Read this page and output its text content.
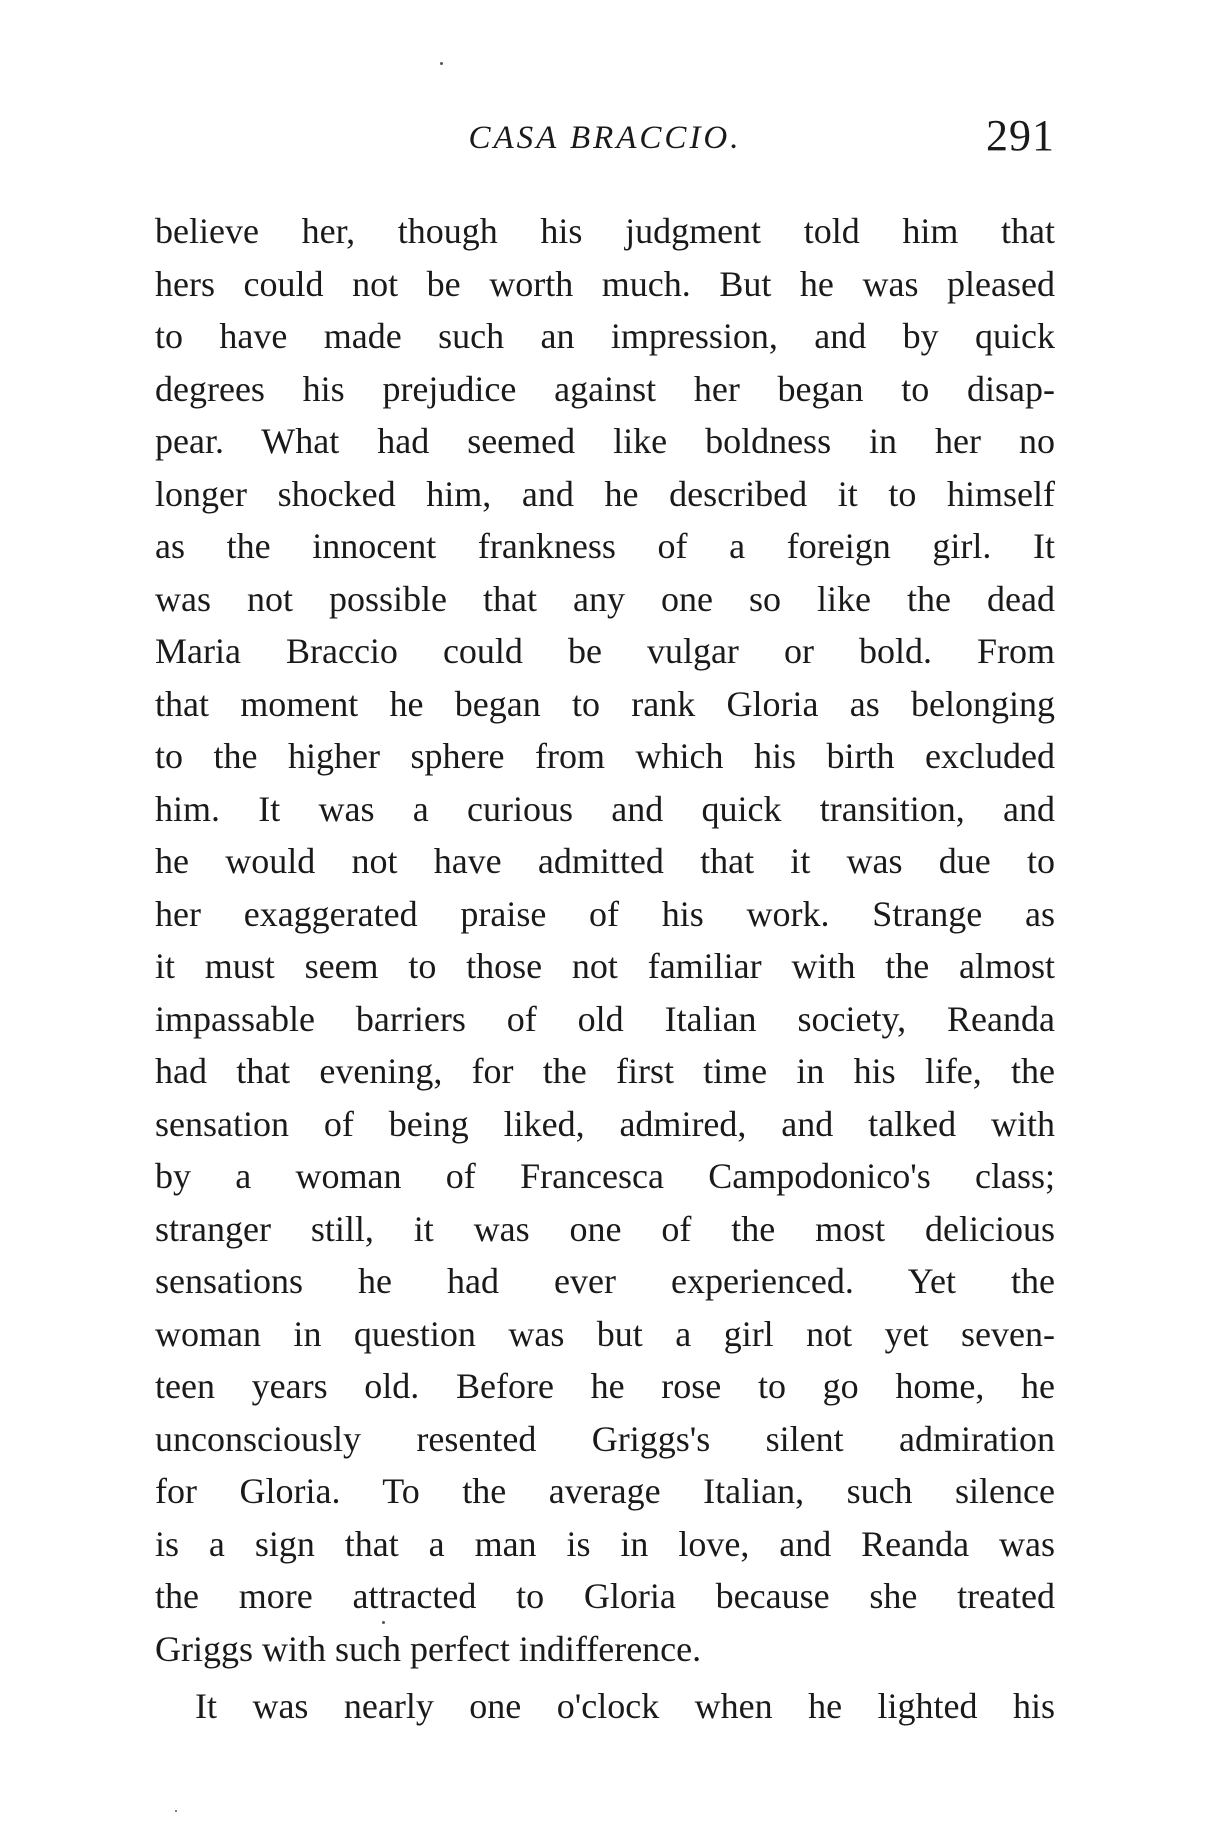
CASA BRACCIO.	291
believe her, though his judgment told him that
hers could not be worth much. But he was pleased
to have made such an impression, and by quick
degrees his prejudice against her began to disap-
pear. What had seemed like boldness in her no
longer shocked him, and he described it to himself
as the innocent frankness of a foreign girl. It
was not possible that any one so like the dead
Maria Braccio could be vulgar or bold. From
that moment he began to rank Gloria as belonging
to the higher sphere from which his birth excluded
him. It was a curious and quick transition, and
he would not have admitted that it was due to
her exaggerated praise of his work. Strange as
it must seem to those not familiar with the almost
impassable barriers of old Italian society, Reanda
had that evening, for the first time in his life, the
sensation of being liked, admired, and talked with
by a woman of Francesca Campodonico's class;
stranger still, it was one of the most delicious
sensations he had ever experienced. Yet the
woman in question was but a girl not yet seven-
teen years old. Before he rose to go home, he
unconsciously resented Griggs's silent admiration
for Gloria. To the average Italian, such silence
is a sign that a man is in love, and Reanda was
the more attracted to Gloria because she treated
Griggs with such perfect indifference.
It was nearly one o'clock when he lighted his
